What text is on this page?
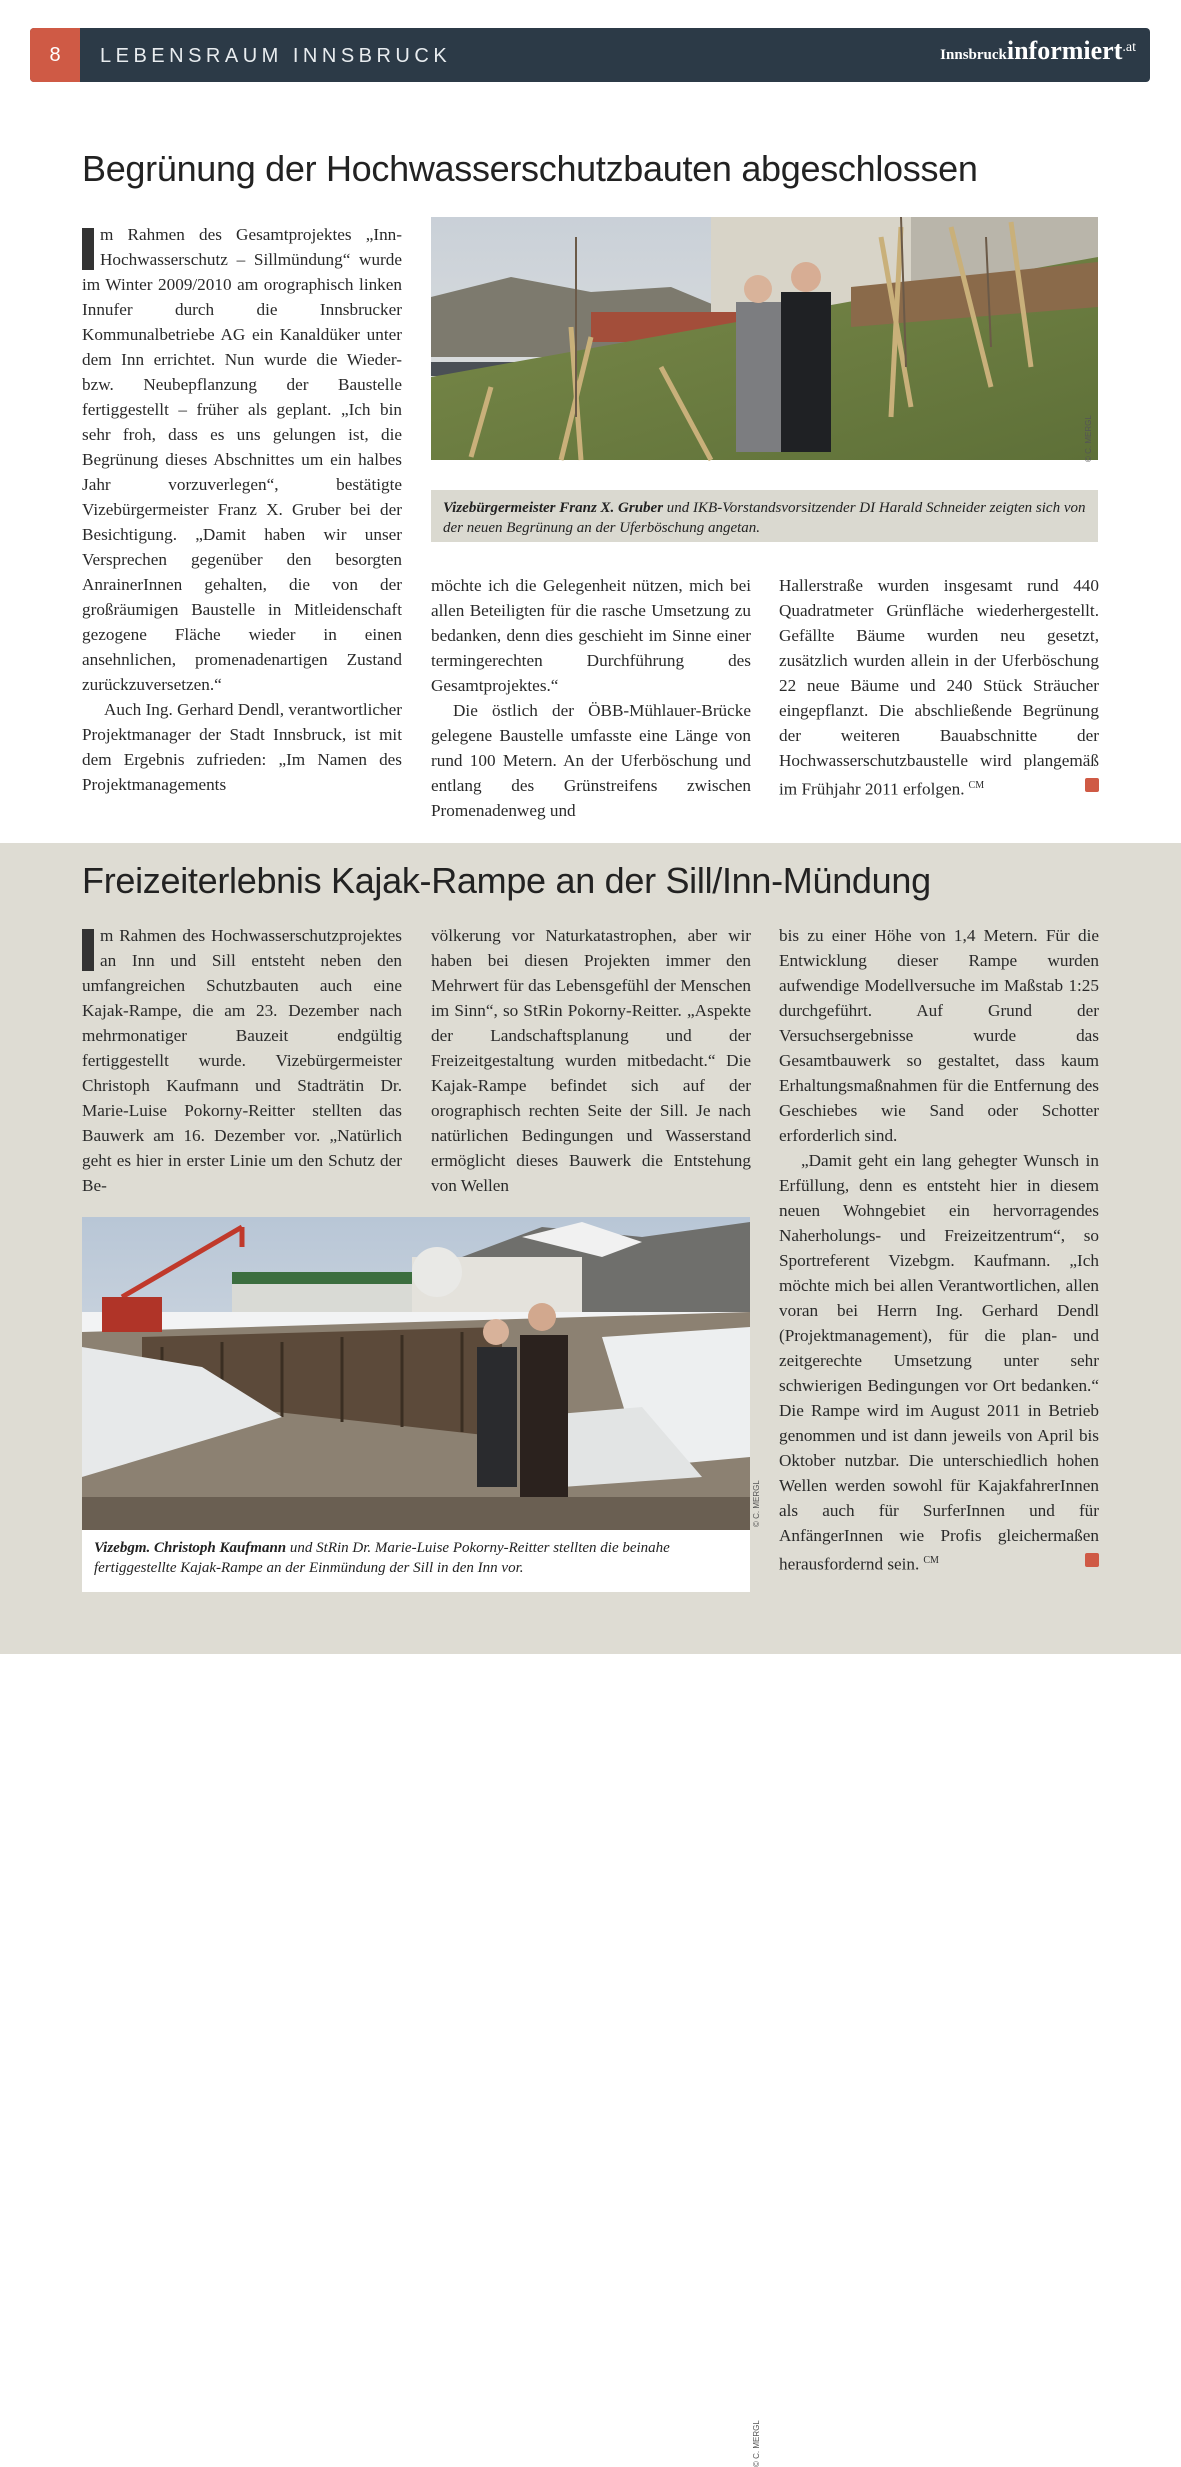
8	LEBENSRAUM INNSBRUCK	Innsbruckinformiert.at
Begrünung der Hochwasserschutzbauten abgeschlossen

m Rahmen des Gesamtprojektes „Inn-Hochwasserschutz – Sillmündung“ wurde im Winter 2009/2010 am orographisch linken Innufer durch die Innsbrucker Kommunalbetriebe AG ein Kanaldüker unter dem Inn errichtet. Nun wurde die Wieder- bzw. Neubepflanzung der Baustelle fertiggestellt – früher als geplant. „Ich bin sehr froh, dass es uns gelungen ist, die Begrünung dieses Abschnittes um ein halbes Jahr vorzuverlegen“, bestätigte Vizebürgermeister Franz X. Gruber bei der Besichtigung. „Damit haben wir unser Versprechen gegenüber den besorgten AnrainerInnen gehalten, die von der großräumigen Baustelle in Mitleidenschaft gezogene Fläche wieder in einen ansehnlichen, promenadenartigen Zustand zurückzuversetzen.“

Auch Ing. Gerhard Dendl, verantwortlicher Projektmanager der Stadt Innsbruck, ist mit dem Ergebnis zufrieden: „Im Namen des Projektmanagements

© C. MERGL
Vizebürgermeister Franz X. Gruber und IKB-Vorstandsvorsitzender DI Harald Schneider zeigten sich von der neuen Begrünung an der Uferböschung angetan.

möchte ich die Gelegenheit nützen, mich bei allen Beteiligten für die rasche Umsetzung zu bedanken, denn dies geschieht im Sinne einer termingerechten Durchführung des Gesamtprojektes.“

Die östlich der ÖBB-Mühlauer-Brücke gelegene Baustelle umfasste eine Länge von rund 100 Metern. An der Uferböschung und entlang des Grünstreifens zwischen Promenadenweg und

Hallerstraße wurden insgesamt rund 440 Quadratmeter Grünfläche wiederhergestellt. Gefällte Bäume wurden neu gesetzt, zusätzlich wurden allein in der Uferböschung 22 neue Bäume und 240 Stück Sträucher eingepflanzt. Die abschließende Begrünung der weiteren Bauabschnitte der Hochwasserschutzbaustelle wird plangemäß im Frühjahr 2011 erfolgen. $^{CM}$

Freizeiterlebnis Kajak-Rampe an der Sill/Inn-Mündung

m Rahmen des Hochwasserschutzprojektes an Inn und Sill entsteht neben den umfangreichen Schutzbauten auch eine Kajak-Rampe, die am 23. Dezember nach mehrmonatiger Bauzeit endgültig fertiggestellt wurde. Vizebürgermeister Christoph Kaufmann und Stadträtin Dr. Marie-Luise Pokorny-Reitter stellten das Bauwerk am 16. Dezember vor. „Natürlich geht es hier in erster Linie um den Schutz der Be-

völkerung vor Naturkatastrophen, aber wir haben bei diesen Projekten immer den Mehrwert für das Lebensgefühl der Menschen im Sinn“, so StRin Pokorny-Reitter. „Aspekte der Landschaftsplanung und der Freizeitgestaltung wurden mitbedacht.“ Die Kajak-Rampe befindet sich auf der orographisch rechten Seite der Sill. Je nach natürlichen Bedingungen und Wasserstand ermöglicht dieses Bauwerk die Entstehung von Wellen

bis zu einer Höhe von 1,4 Metern. Für die Entwicklung dieser Rampe wurden aufwendige Modellversuche im Maßstab 1:25 durchgeführt. Auf Grund der Versuchsergebnisse wurde das Gesamtbauwerk so gestaltet, dass kaum Erhaltungsmaßnahmen für die Entfernung des Geschiebes wie Sand oder Schotter erforderlich sind.

„Damit geht ein lang gehegter Wunsch in Erfüllung, denn es entsteht hier in diesem neuen Wohngebiet ein hervorragendes Naherholungs- und Freizeitzentrum“, so Sportreferent Vizebgm. Kaufmann. „Ich möchte mich bei allen Verantwortlichen, allen voran bei Herrn Ing. Gerhard Dendl (Projektmanagement), für die plan- und zeitgerechte Umsetzung unter sehr schwierigen Bedingungen vor Ort bedanken.“ Die Rampe wird im August 2011 in Betrieb genommen und ist dann jeweils von April bis Oktober nutzbar. Die unterschiedlich hohen Wellen werden sowohl für KajakfahrerInnen als auch für SurferInnen und für AnfängerInnen wie Profis gleichermaßen herausfordernd sein. $^{CM}$

© C. MERGL
© C. MERGL
Vizebgm. Christoph Kaufmann und StRin Dr. Marie-Luise Pokorny-Reitter stellten die beinahe fertiggestellte Kajak-Rampe an der Einmündung der Sill in den Inn vor.
